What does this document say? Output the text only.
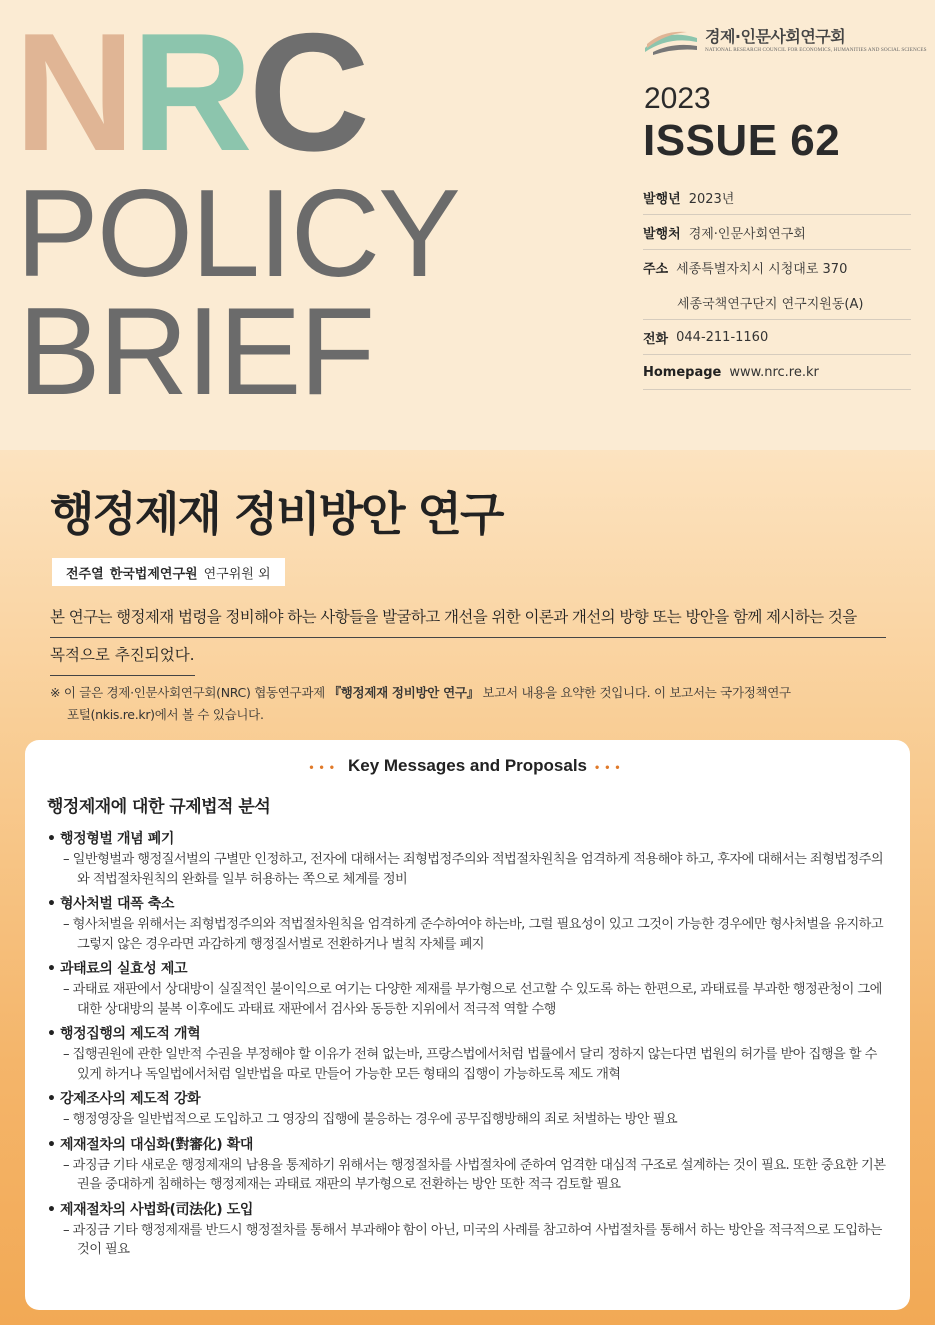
NRC
POLICY
BRIEF
경제·인문사회연구회
NATIONAL RESEARCH COUNCIL FOR ECONOMICS, HUMANITIES AND SOCIAL SCIENCES
2023
ISSUE 62
발행년 2023년
발행처 경제·인문사회연구회
주소 세종특별자치시 시청대로 370
세종국책연구단지 연구지원동(A)
전화 044-211-1160
Homepage www.nrc.re.kr
행정제재 정비방안 연구
전주열 한국법제연구원 연구위원 외
본 연구는 행정제재 법령을 정비해야 하는 사항들을 발굴하고 개선을 위한 이론과 개선의 방향 또는 방안을 함께 제시하는 것을
목적으로 추진되었다.
※ 이 글은 경제·인문사회연구회(NRC) 협동연구과제 『행정제재 정비방안 연구』 보고서 내용을 요약한 것입니다. 이 보고서는 국가정책연구
포털(nkis.re.kr)에서 볼 수 있습니다.
••• Key Messages and Proposals •••
행정제재에 대한 규제법적 분석
• 행정형벌 개념 폐기
– 일반형벌과 행정질서벌의 구별만 인정하고, 전자에 대해서는 죄형법정주의와 적법절차원칙을 엄격하게 적용해야 하고, 후자에 대해서는 죄형법정주의와 적법절차원칙의 완화를 일부 허용하는 쪽으로 체계를 정비
• 형사처벌 대폭 축소
– 형사처벌을 위해서는 죄형법정주의와 적법절차원칙을 엄격하게 준수하여야 하는바, 그럴 필요성이 있고 그것이 가능한 경우에만 형사처벌을 유지하고 그렇지 않은 경우라면 과감하게 행정질서벌로 전환하거나 벌칙 자체를 폐지
• 과태료의 실효성 제고
– 과태료 재판에서 상대방이 실질적인 불이익으로 여기는 다양한 제재를 부가형으로 선고할 수 있도록 하는 한편으로, 과태료를 부과한 행정관청이 그에 대한 상대방의 불복 이후에도 과태료 재판에서 검사와 동등한 지위에서 적극적 역할 수행
• 행정집행의 제도적 개혁
– 집행권원에 관한 일반적 수권을 부정해야 할 이유가 전혀 없는바, 프랑스법에서처럼 법률에서 달리 정하지 않는다면 법원의 허가를 받아 집행을 할 수 있게 하거나 독일법에서처럼 일반법을 따로 만들어 가능한 모든 형태의 집행이 가능하도록 제도 개혁
• 강제조사의 제도적 강화
– 행정영장을 일반법적으로 도입하고 그 영장의 집행에 불응하는 경우에 공무집행방해의 죄로 처벌하는 방안 필요
• 제재절차의 대심화(對審化) 확대
– 과징금 기타 새로운 행정제재의 남용을 통제하기 위해서는 행정절차를 사법절차에 준하여 엄격한 대심적 구조로 설계하는 것이 필요. 또한 중요한 기본권을 중대하게 침해하는 행정제재는 과태료 재판의 부가형으로 전환하는 방안 또한 적극 검토할 필요
• 제재절차의 사법화(司法化) 도입
– 과징금 기타 행정제재를 반드시 행정절차를 통해서 부과해야 함이 아닌, 미국의 사례를 참고하여 사법절차를 통해서 하는 방안을 적극적으로 도입하는 것이 필요
